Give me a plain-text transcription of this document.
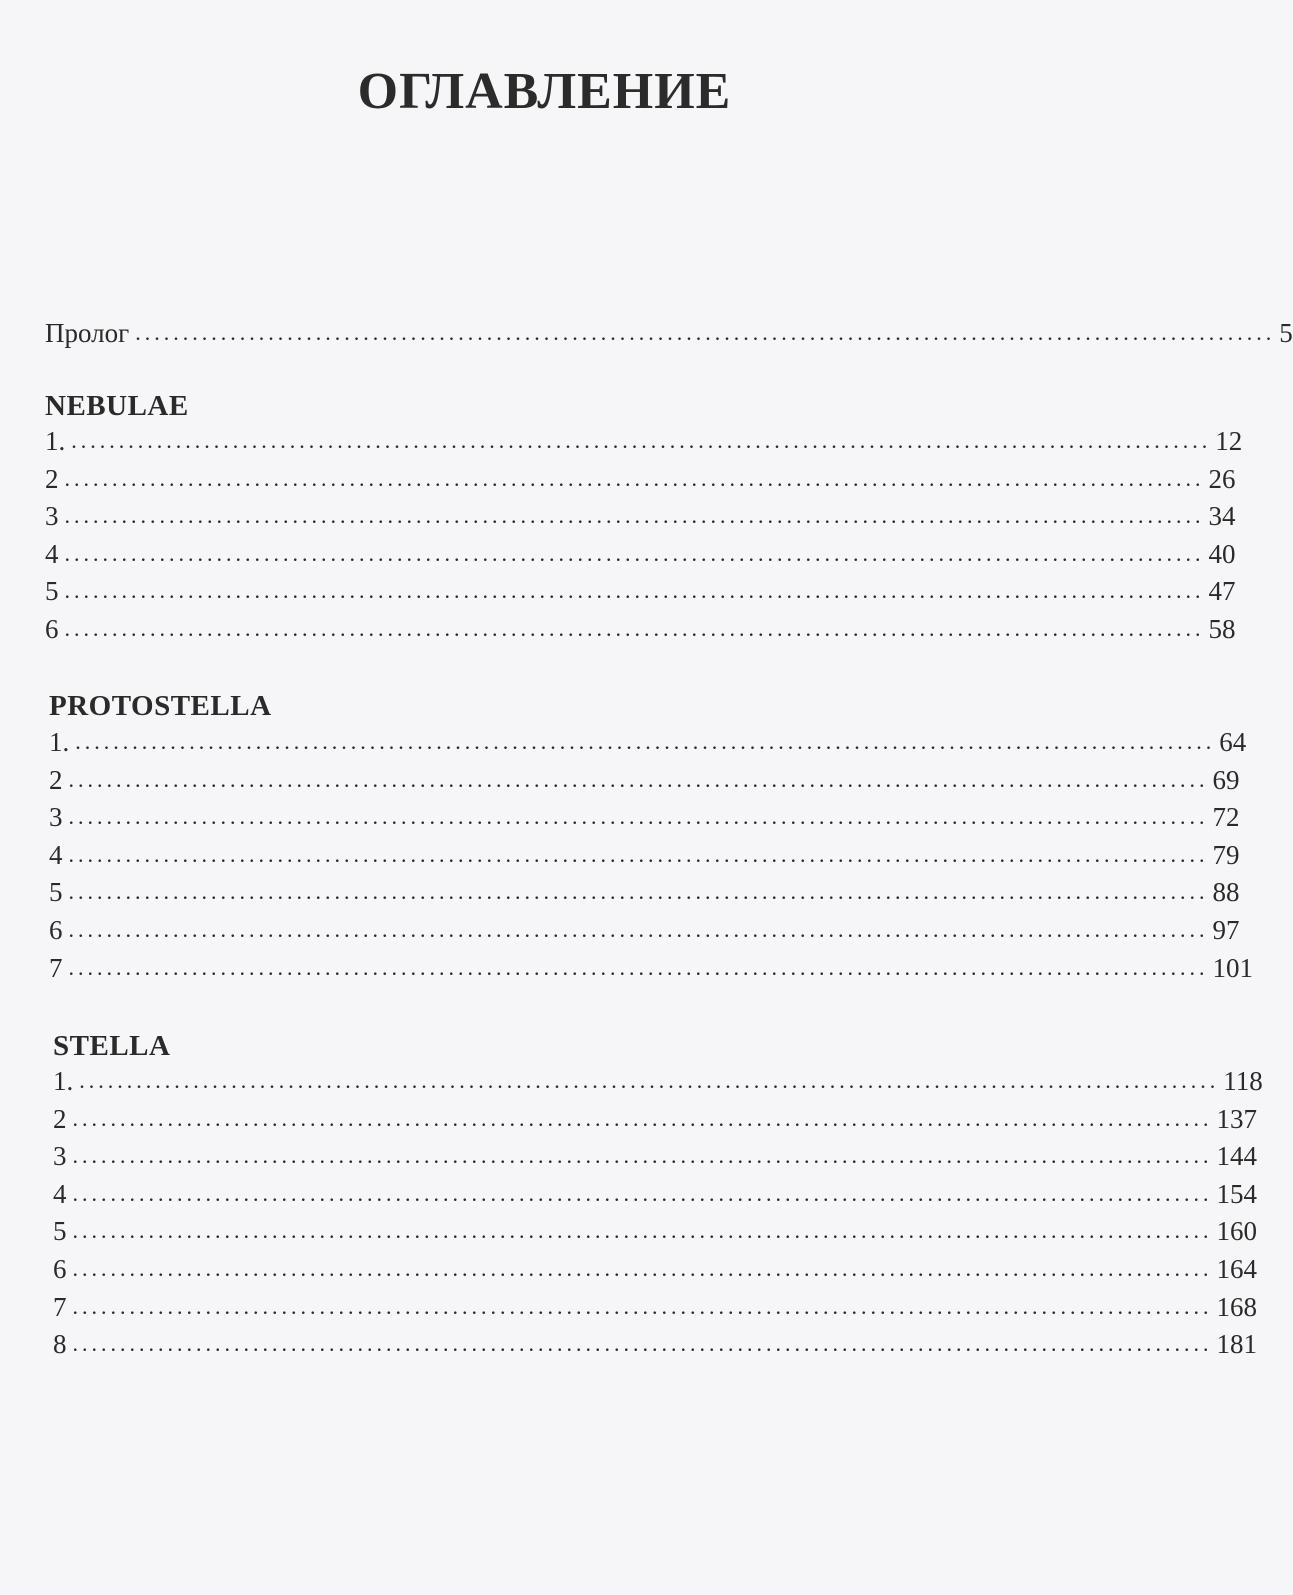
ОГЛАВЛЕНИЕ
Пролог ........................................................................................................................ 5
NEBULAE
1. ........................................................................................................................ 12
2 ........................................................................................................................ 26
3 ........................................................................................................................ 34
4 ........................................................................................................................ 40
5 ........................................................................................................................ 47
6 ........................................................................................................................ 58
PROTOSTELLA
1. ........................................................................................................................ 64
2 ........................................................................................................................ 69
3 ........................................................................................................................ 72
4 ........................................................................................................................ 79
5 ........................................................................................................................ 88
6 ........................................................................................................................ 97
7 ........................................................................................................................ 101
STELLA
1. ........................................................................................................................ 118
2 ........................................................................................................................ 137
3 ........................................................................................................................ 144
4 ........................................................................................................................ 154
5 ........................................................................................................................ 160
6 ........................................................................................................................ 164
7 ........................................................................................................................ 168
8 ........................................................................................................................ 181
